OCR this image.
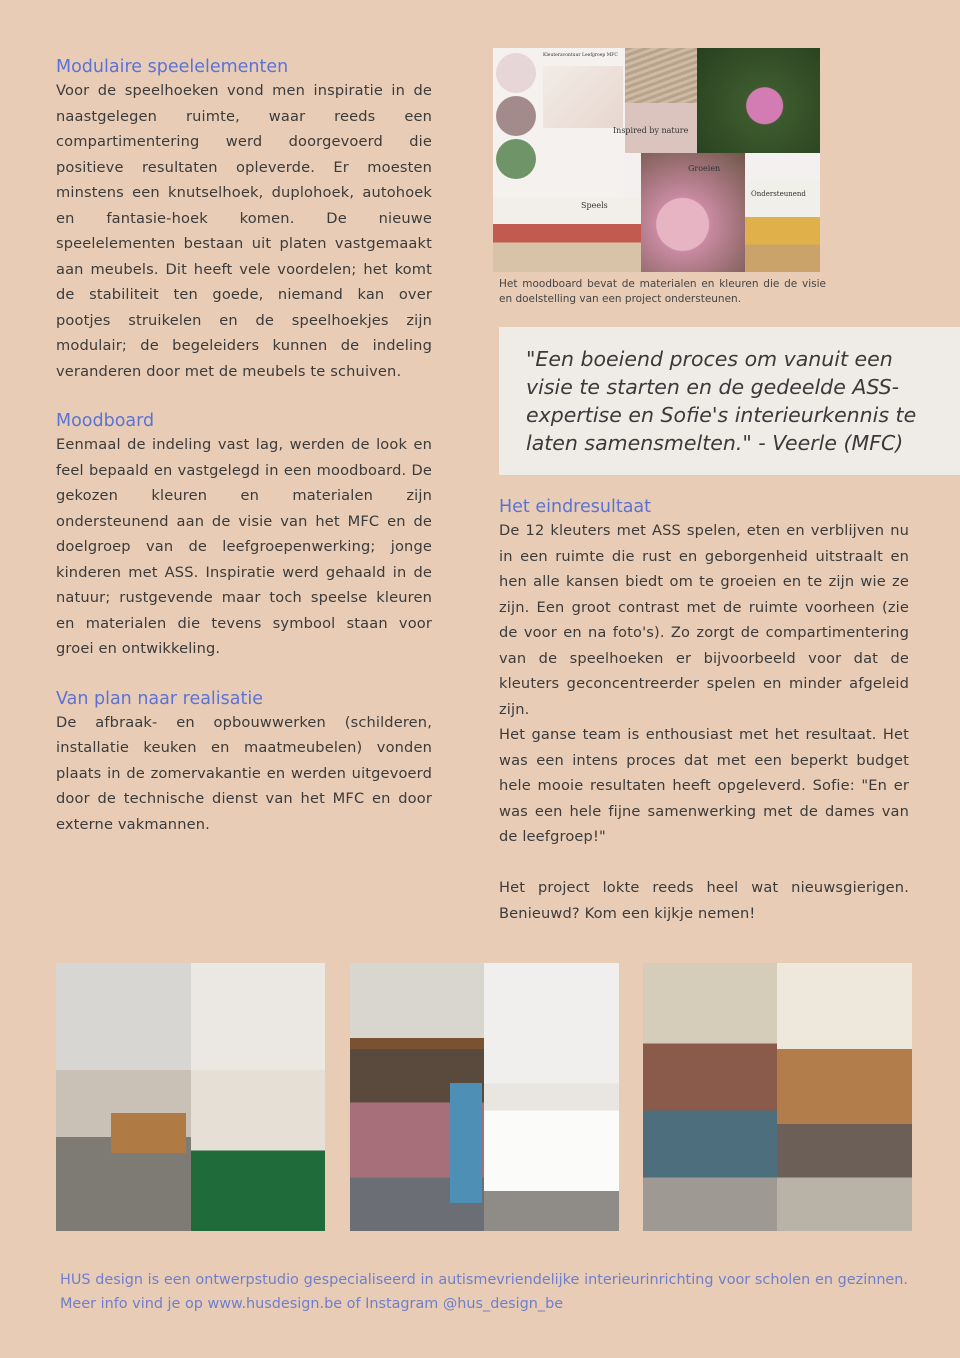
Modulaire speelelementen

Voor de speelhoeken vond men inspiratie in de naastgelegen ruimte, waar reeds een compartimentering werd doorgevoerd die positieve resultaten opleverde. Er moesten minstens een knutselhoek, duplohoek, autohoek en fantasie-hoek komen. De nieuwe speelelementen bestaan uit platen vastgemaakt aan meubels. Dit heeft vele voordelen; het komt de stabiliteit ten goede, niemand kan over pootjes struikelen en de speelhoekjes zijn modulair; de begeleiders kunnen de indeling veranderen door met de meubels te schuiven.

Moodboard

Eenmaal de indeling vast lag, werden de look en feel bepaald en vastgelegd in een moodboard. De gekozen kleuren en materialen zijn ondersteunend aan de visie van het MFC en de doelgroep van de leefgroepenwerking; jonge kinderen met ASS. Inspiratie werd gehaald in de natuur; rustgevende maar toch speelse kleuren en materialen die tevens symbool staan voor groei en ontwikkeling.

Van plan naar realisatie

De afbraak- en opbouwwerken (schilderen, installatie keuken en maatmeubelen) vonden plaats in de zomervakantie en werden uitgevoerd door de technische dienst van het MFC en door externe vakmannen.

Kleuteravontuur Leefgroep MFC
Inspired by nature
Groeien
Ondersteunend
Speels
Het moodboard bevat de materialen en kleuren die de visie en doelstelling van een project ondersteunen.
"Een boeiend proces om vanuit een visie te starten en de gedeelde ASS-expertise en Sofie's interieurkennis te laten samensmelten." - Veerle (MFC)
Het eindresultaat

De 12 kleuters met ASS spelen, eten en verblijven nu in een ruimte die rust en geborgenheid uitstraalt en hen alle kansen biedt om te groeien en te zijn wie ze zijn. Een groot contrast met de ruimte voorheen (zie de voor en na foto's). Zo zorgt de compartimentering van de speelhoeken er bijvoorbeeld voor dat de kleuters geconcentreerder spelen en minder afgeleid zijn.

Het ganse team is enthousiast met het resultaat. Het was een intens proces dat met een beperkt budget hele mooie resultaten heeft opgeleverd. Sofie: "En er was een hele fijne samenwerking met de dames van de leefgroep!"

Het project lokte reeds heel wat nieuwsgierigen. Benieuwd? Kom een kijkje nemen!

HUS design is een ontwerpstudio gespecialiseerd in autismevriendelijke interieurinrichting voor scholen en gezinnen. Meer info vind je op www.husdesign.be of Instagram @hus_design_be
